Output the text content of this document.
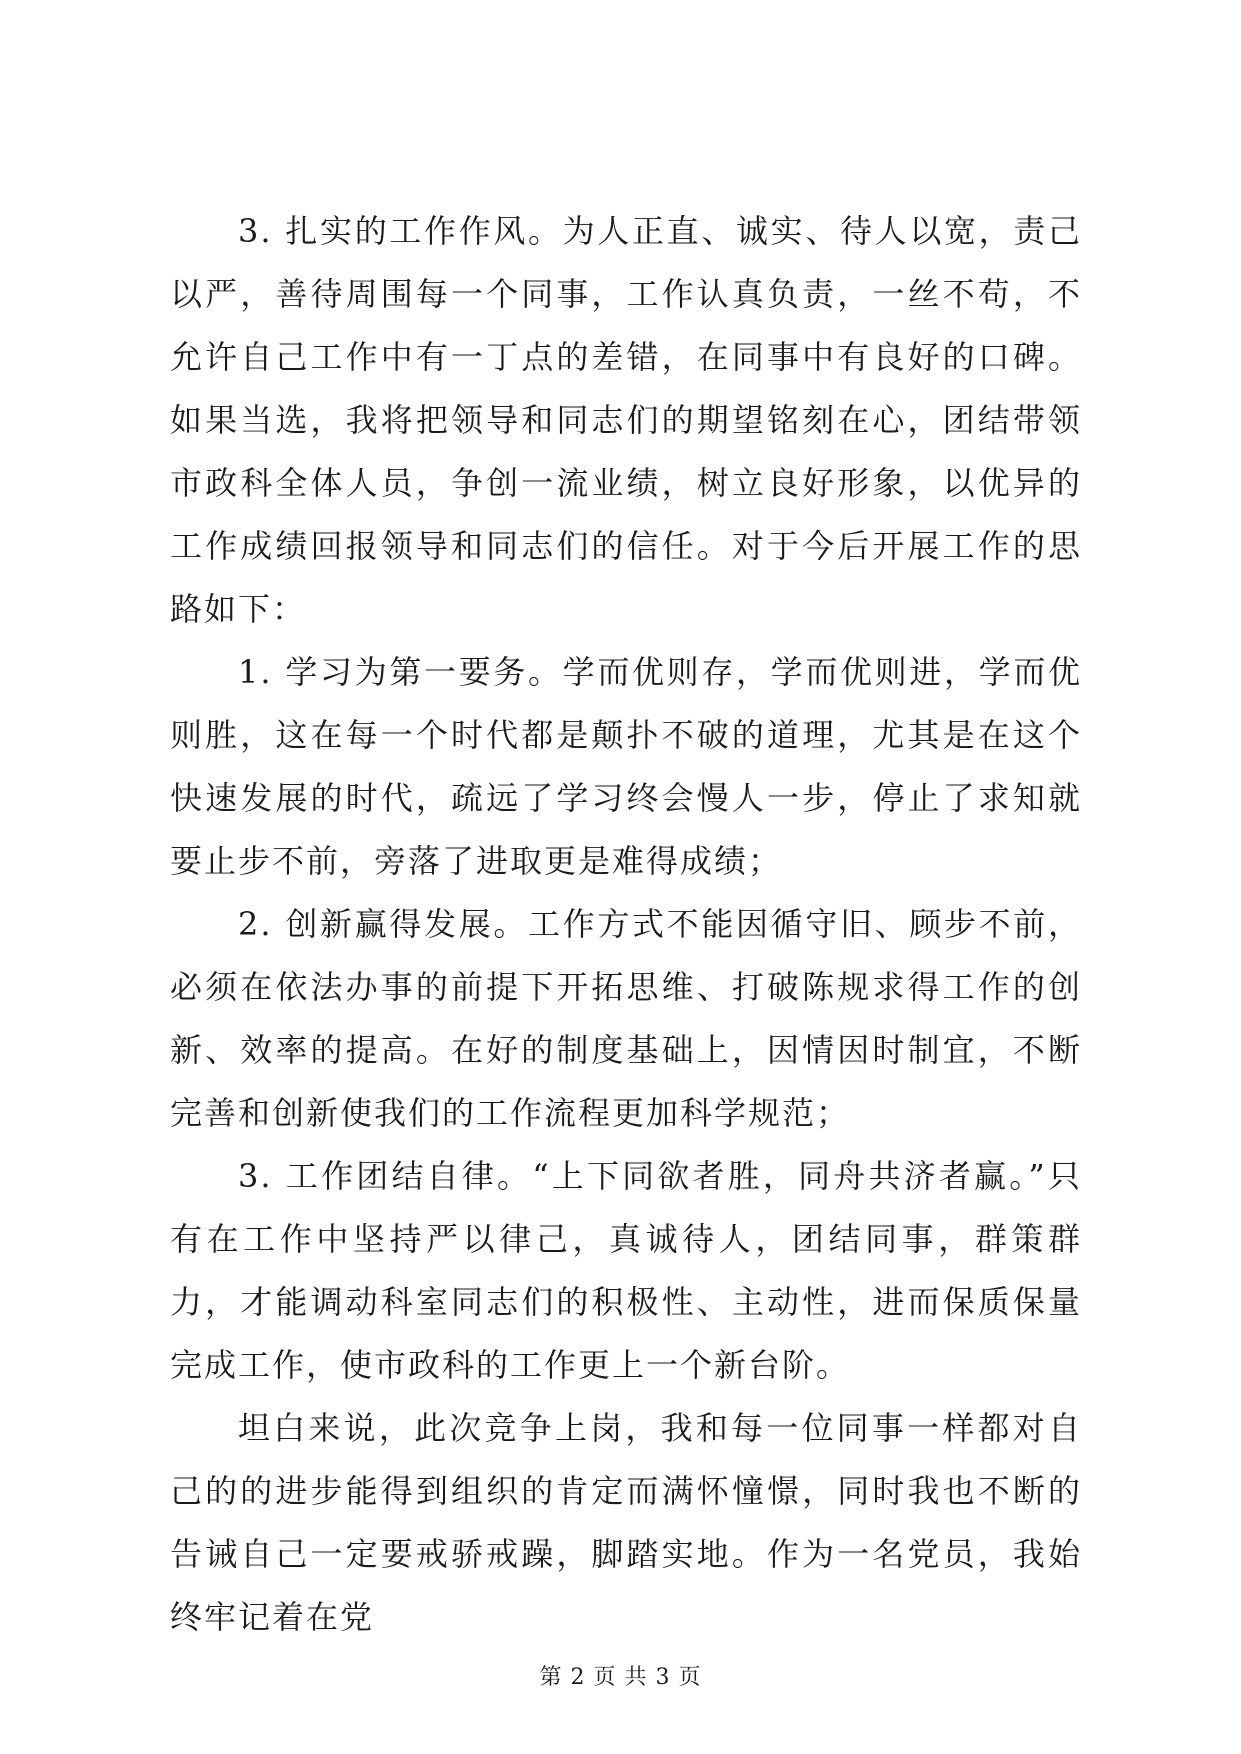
3. 扎实的工作作风。为人正直、诚实、待人以宽，责己以严，善待周围每一个同事，工作认真负责，一丝不苟，不允许自己工作中有一丁点的差错，在同事中有良好的口碑。如果当选，我将把领导和同志们的期望铭刻在心，团结带领市政科全体人员，争创一流业绩，树立良好形象，以优异的工作成绩回报领导和同志们的信任。对于今后开展工作的思路如下：

1. 学习为第一要务。学而优则存，学而优则进，学而优则胜，这在每一个时代都是颠扑不破的道理，尤其是在这个快速发展的时代，疏远了学习终会慢人一步，停止了求知就要止步不前，旁落了进取更是难得成绩；

2. 创新赢得发展。工作方式不能因循守旧、顾步不前，必须在依法办事的前提下开拓思维、打破陈规求得工作的创新、效率的提高。在好的制度基础上，因情因时制宜，不断完善和创新使我们的工作流程更加科学规范；

3. 工作团结自律。“上下同欲者胜，同舟共济者赢。”只有在工作中坚持严以律己，真诚待人，团结同事，群策群力，才能调动科室同志们的积极性、主动性，进而保质保量完成工作，使市政科的工作更上一个新台阶。

坦白来说，此次竞争上岗，我和每一位同事一样都对自己的的进步能得到组织的肯定而满怀憧憬，同时我也不断的告诫自己一定要戒骄戒躁，脚踏实地。作为一名党员，我始终牢记着在党

第 2 页 共 3 页
